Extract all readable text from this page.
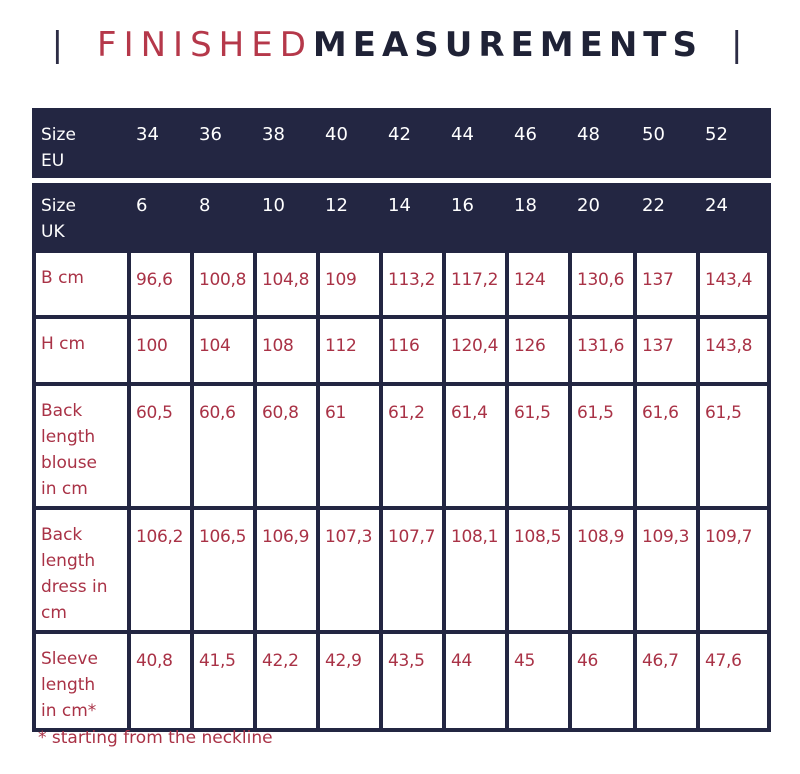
| FINISHEDMEASUREMENTS |
Size
EU	34	36	38	40	42	44	46	48	50	52

Size
UK	6	8	10	12	14	16	18	20	22	24

B cm	96,6	100,8	104,8	109	113,2	117,2	124	130,6	137	143,4

H cm	100	104	108	112	116	120,4	126	131,6	137	143,8

Back
length
blouse
in cm	60,5	60,6	60,8	61	61,2	61,4	61,5	61,5	61,6	61,5

Back
length
dress in
cm	106,2	106,5	106,9	107,3	107,7	108,1	108,5	108,9	109,3	109,7

Sleeve
length
in cm*	40,8	41,5	42,2	42,9	43,5	44	45	46	46,7	47,6
* starting from the neckline
